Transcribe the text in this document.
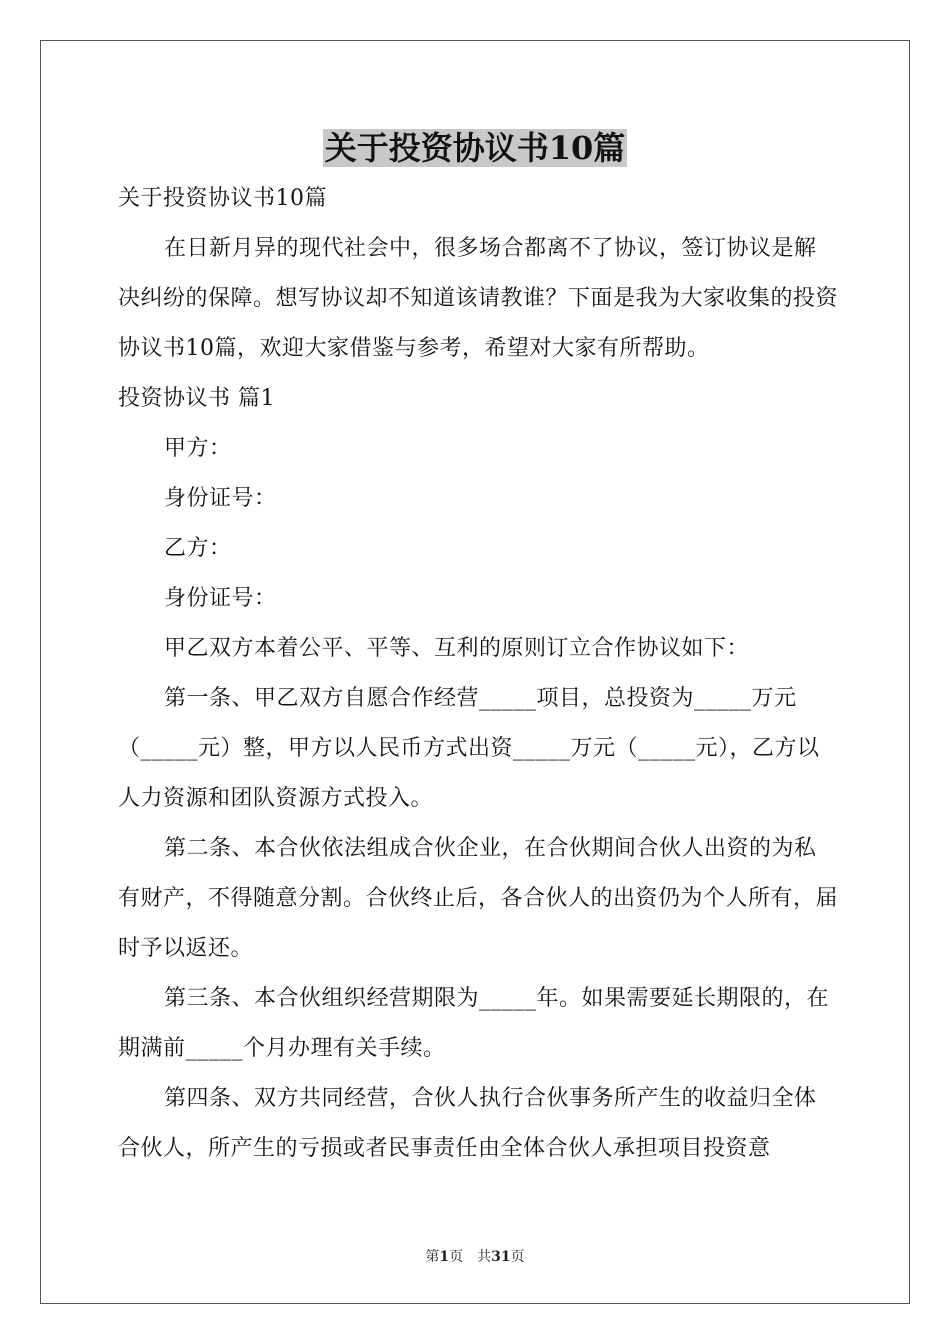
关于投资协议书10篇

关于投资协议书10篇

在日新月异的现代社会中，很多场合都离不了协议，签订协议是解决纠纷的保障。想写协议却不知道该请教谁？下面是我为大家收集的投资协议书10篇，欢迎大家借鉴与参考，希望对大家有所帮助。

投资协议书 篇1

甲方：

身份证号：

乙方：

身份证号：

甲乙双方本着公平、平等、互利的原则订立合作协议如下：

第一条、甲乙双方自愿合作经营_____项目，总投资为_____万元（_____元）整，甲方以人民币方式出资_____万元（_____元），乙方以人力资源和团队资源方式投入。

第二条、本合伙依法组成合伙企业，在合伙期间合伙人出资的为私有财产，不得随意分割。合伙终止后，各合伙人的出资仍为个人所有，届时予以返还。

第三条、本合伙组织经营期限为_____年。如果需要延长期限的，在期满前_____个月办理有关手续。

第四条、双方共同经营，合伙人执行合伙事务所产生的收益归全体合伙人，所产生的亏损或者民事责任由全体合伙人承担项目投资意

第1页 共31页
